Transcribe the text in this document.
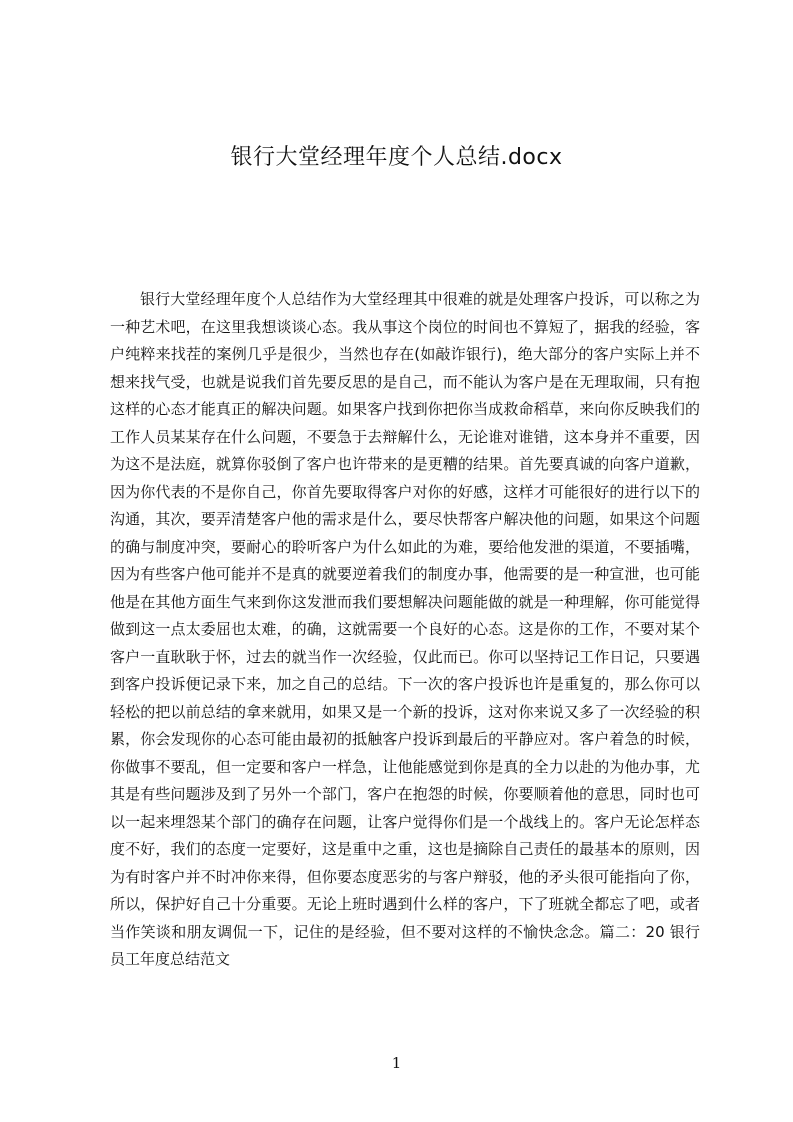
银行大堂经理年度个人总结.docx

银行大堂经理年度个人总结作为大堂经理其中很难的就是处理客户投诉，可以称之为一种艺术吧，在这里我想谈谈心态。我从事这个岗位的时间也不算短了，据我的经验，客户纯粹来找茬的案例几乎是很少，当然也存在(如敲诈银行)，绝大部分的客户实际上并不想来找气受，也就是说我们首先要反思的是自己，而不能认为客户是在无理取闹，只有抱这样的心态才能真正的解决问题。如果客户找到你把你当成救命稻草，来向你反映我们的工作人员某某存在什么问题，不要急于去辩解什么，无论谁对谁错，这本身并不重要，因为这不是法庭，就算你驳倒了客户也许带来的是更糟的结果。首先要真诚的向客户道歉，因为你代表的不是你自己，你首先要取得客户对你的好感，这样才可能很好的进行以下的沟通，其次，要弄清楚客户他的需求是什么，要尽快帮客户解决他的问题，如果这个问题的确与制度冲突，要耐心的聆听客户为什么如此的为难，要给他发泄的渠道，不要插嘴，因为有些客户他可能并不是真的就要逆着我们的制度办事，他需要的是一种宣泄，也可能他是在其他方面生气来到你这发泄而我们要想解决问题能做的就是一种理解，你可能觉得做到这一点太委屈也太难，的确，这就需要一个良好的心态。这是你的工作，不要对某个客户一直耿耿于怀，过去的就当作一次经验，仅此而已。你可以坚持记工作日记，只要遇到客户投诉便记录下来，加之自己的总结。下一次的客户投诉也许是重复的，那么你可以轻松的把以前总结的拿来就用，如果又是一个新的投诉，这对你来说又多了一次经验的积累，你会发现你的心态可能由最初的抵触客户投诉到最后的平静应对。客户着急的时候，你做事不要乱，但一定要和客户一样急，让他能感觉到你是真的全力以赴的为他办事，尤其是有些问题涉及到了另外一个部门，客户在抱怨的时候，你要顺着他的意思，同时也可以一起来埋怨某个部门的确存在问题，让客户觉得你们是一个战线上的。客户无论怎样态度不好，我们的态度一定要好，这是重中之重，这也是摘除自己责任的最基本的原则，因为有时客户并不时冲你来得，但你要态度恶劣的与客户辩驳，他的矛头很可能指向了你，所以，保护好自己十分重要。无论上班时遇到什么样的客户，下了班就全都忘了吧，或者当作笑谈和朋友调侃一下，记住的是经验，但不要对这样的不愉快念念。篇二：20 银行员工年度总结范文

1
